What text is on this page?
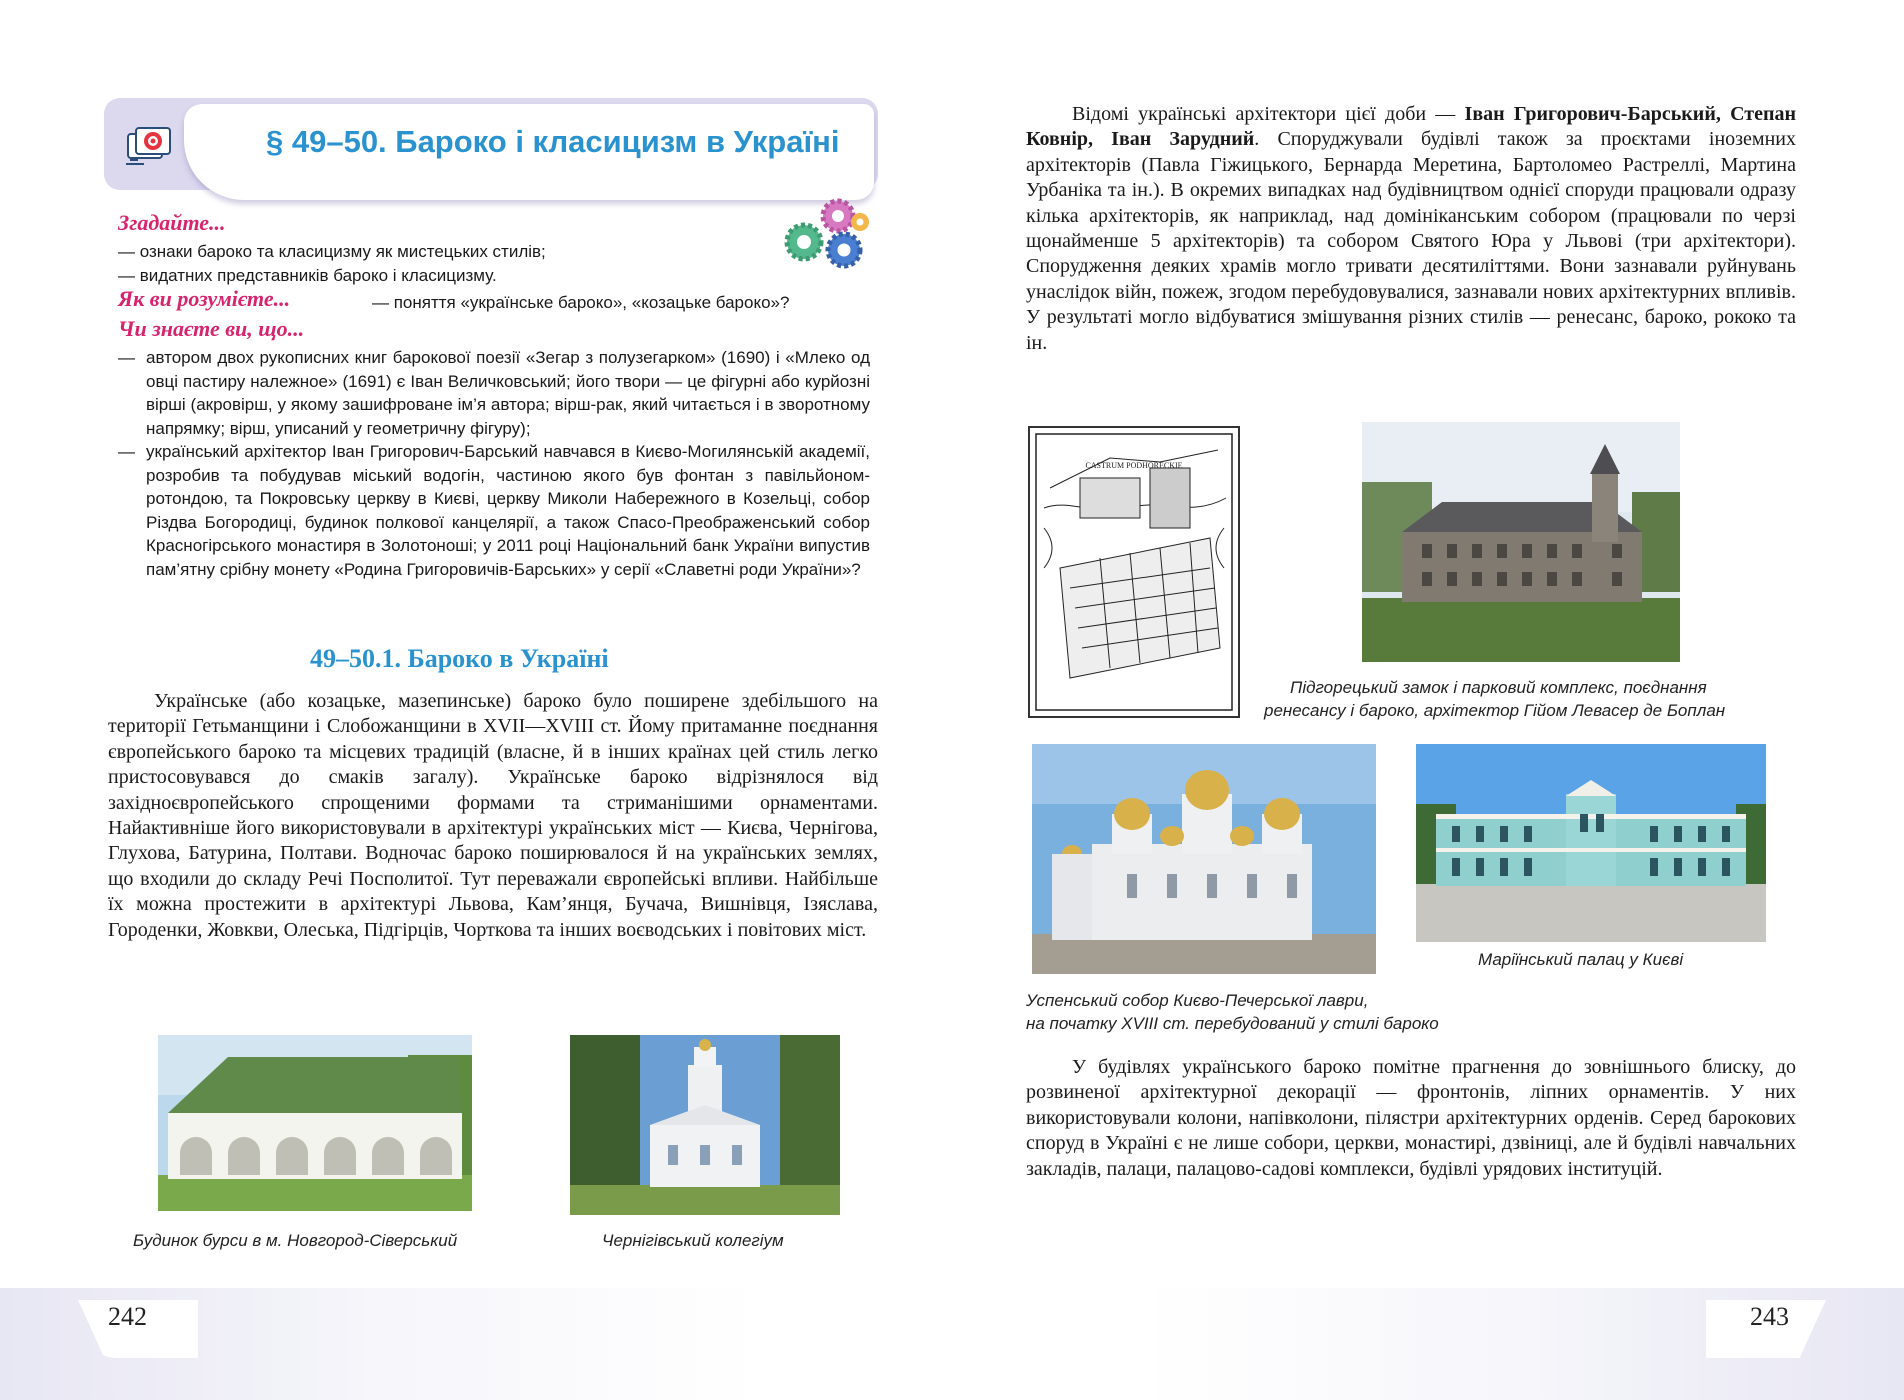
242	243
§ 49–50. Бароко і класицизм в Україні
Згадайте...
— ознаки бароко та класицизму як мистецьких стилів;
— видатних представників бароко і класицизму.
Як ви розумієте...	— поняття «українське бароко», «козацьке бароко»?
Чи знаєте ви, що...
— автором двох рукописних книг барокової поезії «Зегар з полузегарком» (1690) і «Млеко од овці пастиру належное» (1691) є Іван Величковський; його твори — це фігурні або курйозні вірші (акровірш, у якому зашифроване ім’я автора; вірш-рак, який читається і в зворотному напрямку; вірш, уписаний у геометричну фігуру);
— український архітектор Іван Григорович-Барський навчався в Києво-Могилянській академії, розробив та побудував міський водогін, частиною якого був фонтан з павільйоном-ротондою, та Покровську церкву в Києві, церкву Миколи Набережного в Козельці, собор Різдва Богородиці, будинок полкової канцелярії, а також Спасо-Преображенський собор Красногірського монастиря в Золотоноші; у 2011 році Національний банк України випустив пам’ятну срібну монету «Родина Григоровичів-Барських» у серії «Славетні роди України»?
49–50.1. Бароко в Україні
Українське (або козацьке, мазепинське) бароко було поширене здебільшого на території Гетьманщини і Слобожанщини в XVII—XVIII ст. Йому притаманне поєднання європейського бароко та місцевих традицій (власне, й в інших країнах цей стиль легко пристосовувався до смаків загалу). Українське бароко відрізнялося від західноєвропейського спрощеними формами та стриманішими орнаментами. Найактивніше його використовували в архітектурі українських міст — Києва, Чернігова, Глухова, Батурина, Полтави. Водночас бароко поширювалося й на українських землях, що входили до складу Речі Посполитої. Тут переважали європейські впливи. Найбільше їх можна простежити в архітектурі Львова, Кам’янця, Бучача, Вишнівця, Ізяслава, Городенки, Жовкви, Олеська, Підгірців, Чорткова та інших воєводських і повітових міст.
Будинок бурси в м. Новгород-Сіверський	Чернігівський колегіум
Відомі українські архітектори цієї доби — Іван Григорович-Барський, Степан Ковнір, Іван Зарудний. Споруджували будівлі також за проєктами іноземних архітекторів (Павла Гіжицького, Бернарда Меретина, Бартоломео Растреллі, Мартина Урбаніка та ін.). В окремих випадках над будівництвом однієї споруди працювали одразу кілька архітекторів, як наприклад, над домініканським собором (працювали по черзі щонайменше 5 архітекторів) та собором Святого Юра у Львові (три архітектори). Спорудження деяких храмів могло тривати десятиліттями. Вони зазнавали руйнувань унаслідок війн, пожеж, згодом перебудовувалися, зазнавали нових архітектурних впливів. У результаті могло відбуватися змішування різних стилів — ренесанс, бароко, рококо та ін.
CASTRUM PODHORECKIE
Підгорецький замок і парковий комплекс, поєднання
ренесансу і бароко, архітектор Гійом Левасер де Боплан
Маріїнський палац у Києві
Успенський собор Києво-Печерської лаври,
на початку XVIII ст. перебудований у стилі бароко
У будівлях українського бароко помітне прагнення до зовнішнього блиску, до розвиненої архітектурної декорації — фронтонів, ліпних орнаментів. У них використовували колони, напівколони, пілястри архітектурних орденів. Серед барокових споруд в Україні є не лише собори, церкви, монастирі, дзвіниці, але й будівлі навчальних закладів, палаци, палацово-садові комплекси, будівлі урядових інституцій.
